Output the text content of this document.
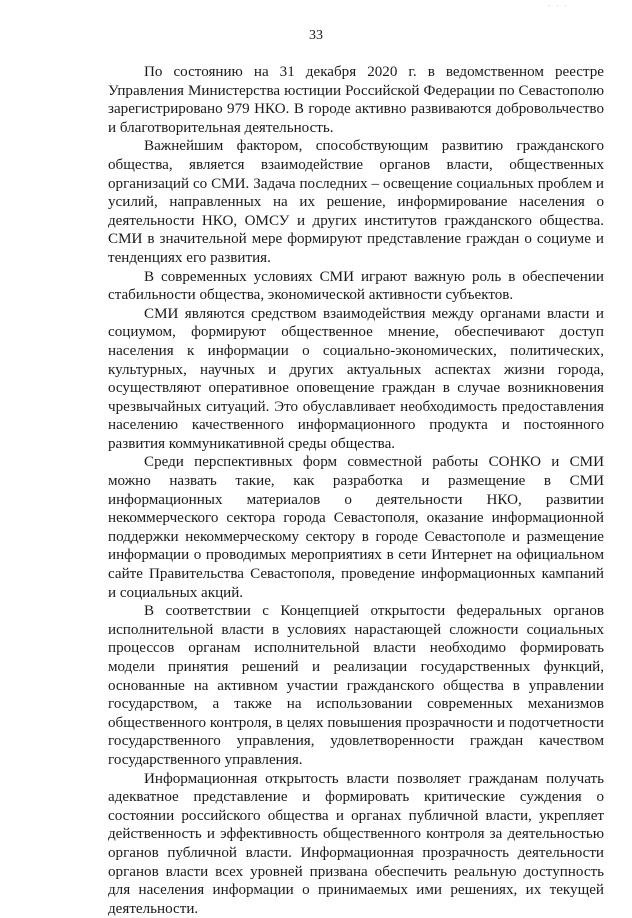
· · ·
33

По состоянию на 31 декабря 2020 г. в ведомственном реестре Управления Министерства юстиции Российской Федерации по Севастополю зарегистрировано 979 НКО. В городе активно развиваются добровольчество и благотворительная деятельность.

Важнейшим фактором, способствующим развитию гражданского общества, является взаимодействие органов власти, общественных организаций со СМИ. Задача последних – освещение социальных проблем и усилий, направленных на их решение, информирование населения о деятельности НКО, ОМСУ и других институтов гражданского общества. СМИ в значительной мере формируют представление граждан о социуме и тенденциях его развития.

В современных условиях СМИ играют важную роль в обеспечении стабильности общества, экономической активности субъектов.

СМИ являются средством взаимодействия между органами власти и социумом, формируют общественное мнение, обеспечивают доступ населения к информации о социально-экономических, политических, культурных, научных и других актуальных аспектах жизни города, осуществляют оперативное оповещение граждан в случае возникновения чрезвычайных ситуаций. Это обуславливает необходимость предоставления населению качественного информационного продукта и постоянного развития коммуникативной среды общества.

Среди перспективных форм совместной работы СОНКО и СМИ можно назвать такие, как разработка и размещение в СМИ информационных материалов о деятельности НКО, развитии некоммерческого сектора города Севастополя, оказание информационной поддержки некоммерческому сектору в городе Севастополе и размещение информации о проводимых мероприятиях в сети Интернет на официальном сайте Правительства Севастополя, проведение информационных кампаний и социальных акций.

В соответствии с Концепцией открытости федеральных органов исполнительной власти в условиях нарастающей сложности социальных процессов органам исполнительной власти необходимо формировать модели принятия решений и реализации государственных функций, основанные на активном участии гражданского общества в управлении государством, а также на использовании современных механизмов общественного контроля, в целях повышения прозрачности и подотчетности государственного управления, удовлетворенности граждан качеством государственного управления.

Информационная открытость власти позволяет гражданам получать адекватное представление и формировать критические суждения о состоянии российского общества и органах публичной власти, укрепляет действенность и эффективность общественного контроля за деятельностью органов публичной власти. Информационная прозрачность деятельности органов власти всех уровней призвана обеспечить реальную доступность для населения информации о принимаемых ими решениях, их текущей деятельности.
